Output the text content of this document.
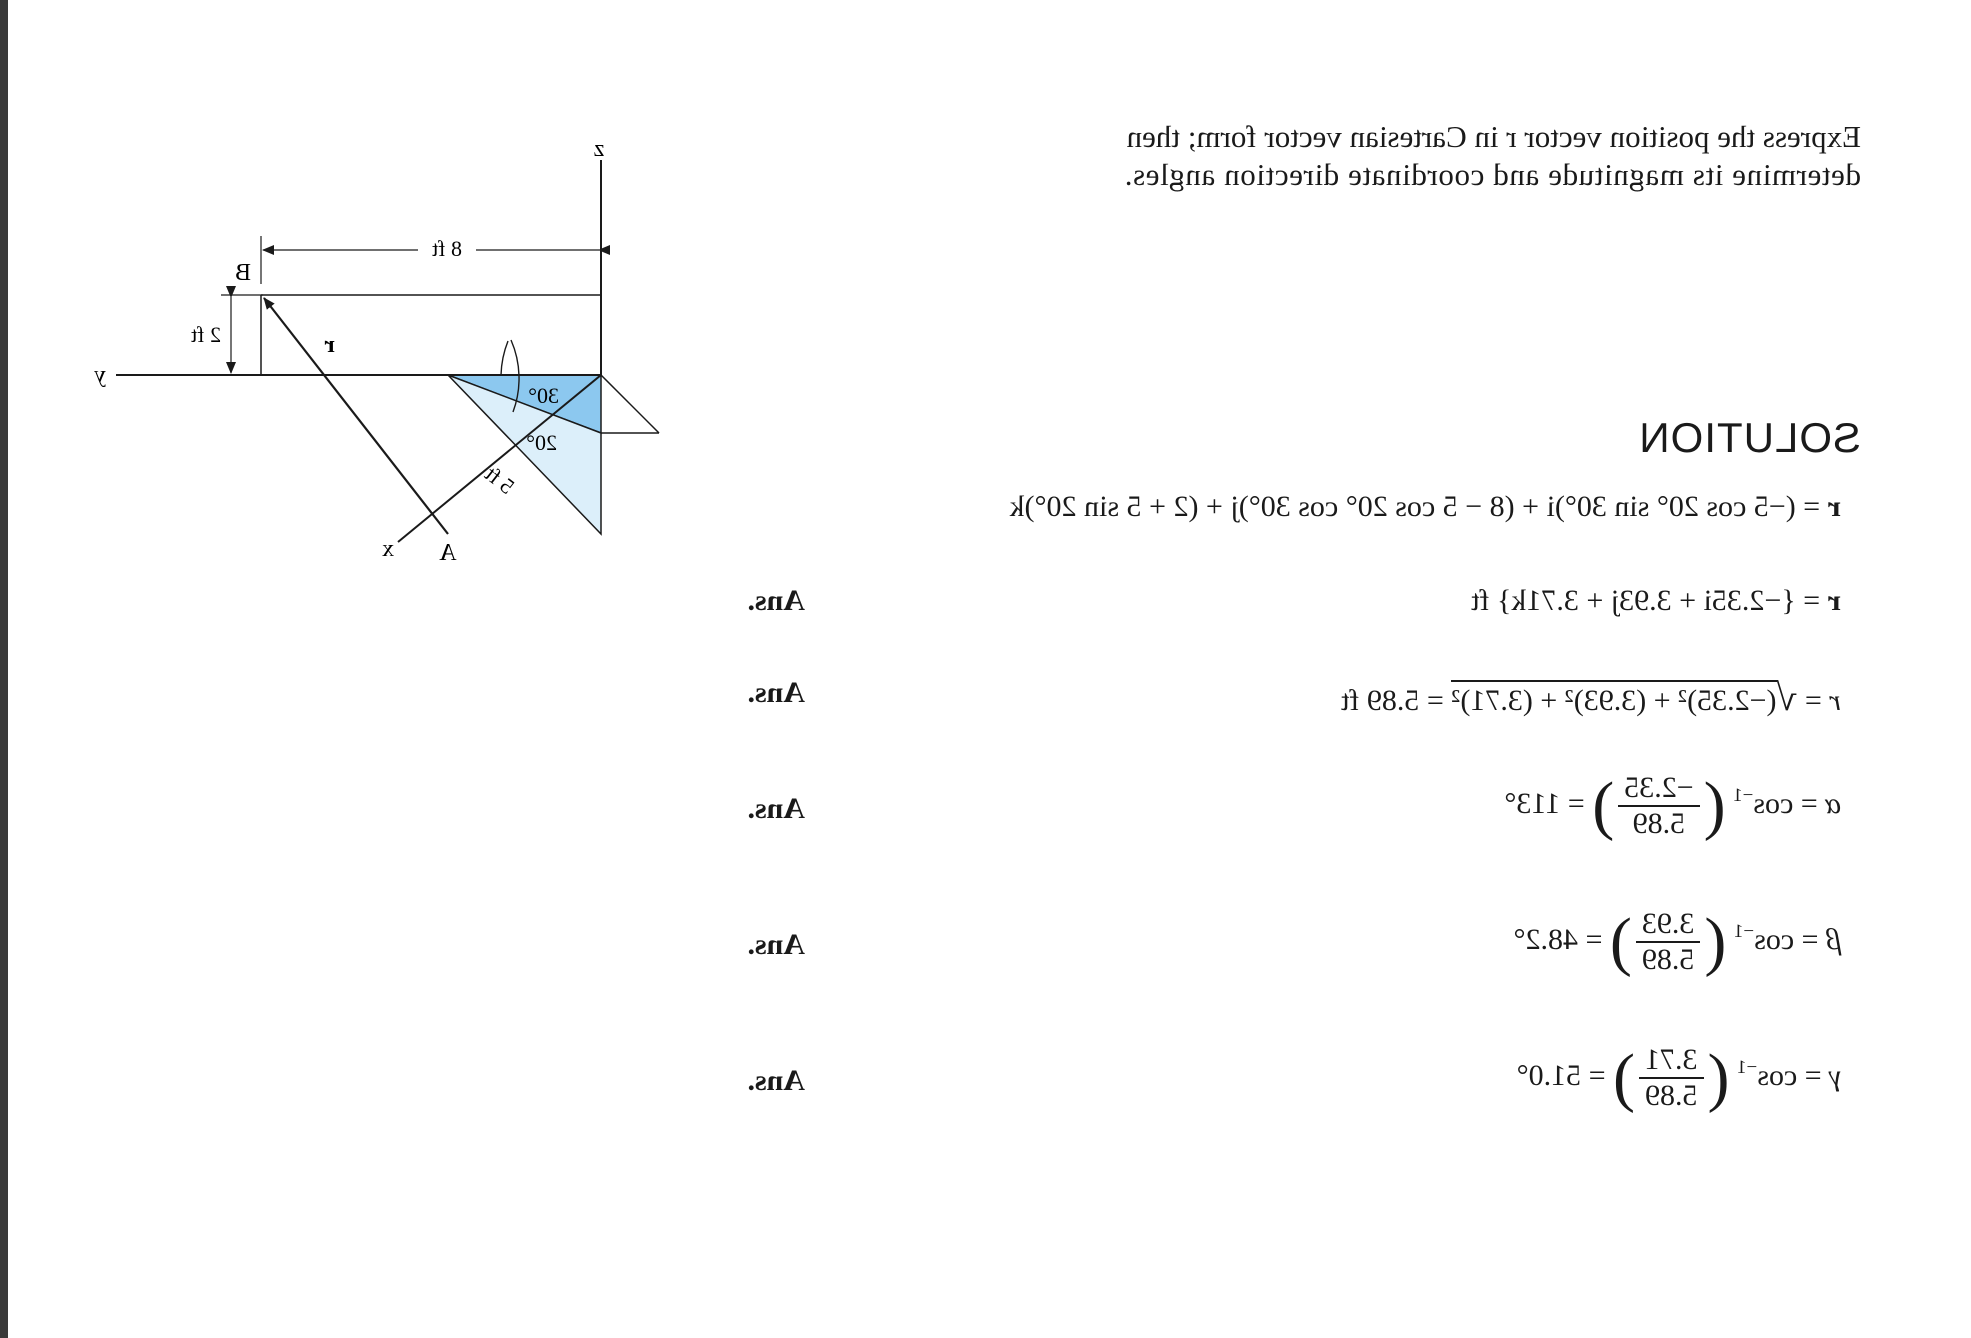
Express the position vector r in Cartesian vector form; then
determine its magnitude and coordinate direction angles.
SOLUTION
r = (−5 cos 20° sin 30°)i + (8 − 5 cos 20° cos 30°)j + (2 + 5 sin 20°)k
r = {−2.35i + 3.93j + 3.71k} ft
Ans.
r = √(−2.35)² + (3.93)² + (3.71)² = 5.89 ft
Ans.
$\alpha = \cos^{-1}$ (
$\frac{-2.35}{5.89}$
) = 113°
Ans.
$\beta = \cos^{-1}$ (
$\frac{3.93}{5.89}$
) = 48.2°
Ans.
$\gamma = \cos^{-1}$ (
$\frac{3.71}{5.89}$
) = 51.0°
Ans.
z
y
x A
B
r
8 ft
2 ft
5 ft
30°
20°
